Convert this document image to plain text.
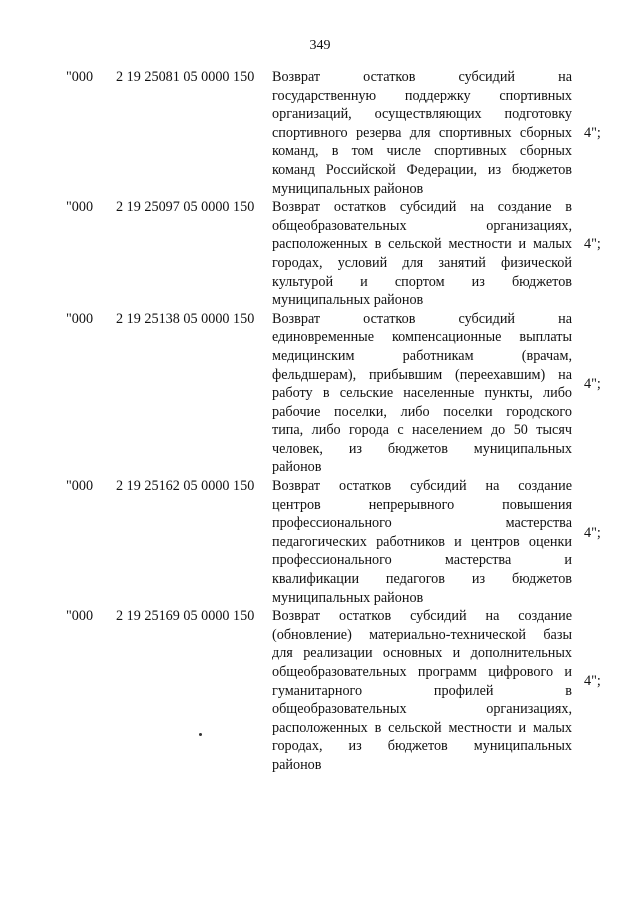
349
"000 2 19 25081 05 0000 150 Возврат остатков субсидий на
государственную поддержку спортивных
организаций, осуществляющих подготовку
спортивного резерва для спортивных сборных
команд, в том числе спортивных сборных
команд Российской Федерации, из бюджетов
муниципальных районов
4";
"000 2 19 25097 05 0000 150 Возврат остатков субсидий на создание в
общеобразовательных организациях,
расположенных в сельской местности и малых
городах, условий для занятий физической
культурой и спортом из бюджетов
муниципальных районов
4";
"000 2 19 25138 05 0000 150 Возврат остатков субсидий на
единовременные компенсационные выплаты
медицинским работникам (врачам,
фельдшерам), прибывшим (переехавшим) на
работу в сельские населенные пункты, либо
рабочие поселки, либо поселки городского
типа, либо города с населением до 50 тысяч
человек, из бюджетов муниципальных
районов
4";
"000 2 19 25162 05 0000 150 Возврат остатков субсидий на создание
центров непрерывного повышения
профессионального мастерства
педагогических работников и центров оценки
профессионального мастерства и
квалификации педагогов из бюджетов
муниципальных районов
4";
"000 2 19 25169 05 0000 150 Возврат остатков субсидий на создание
(обновление) материально-технической базы
для реализации основных и дополнительных
общеобразовательных программ цифрового и
гуманитарного профилей в
общеобразовательных организациях,
расположенных в сельской местности и малых
городах, из бюджетов муниципальных
районов
4";
